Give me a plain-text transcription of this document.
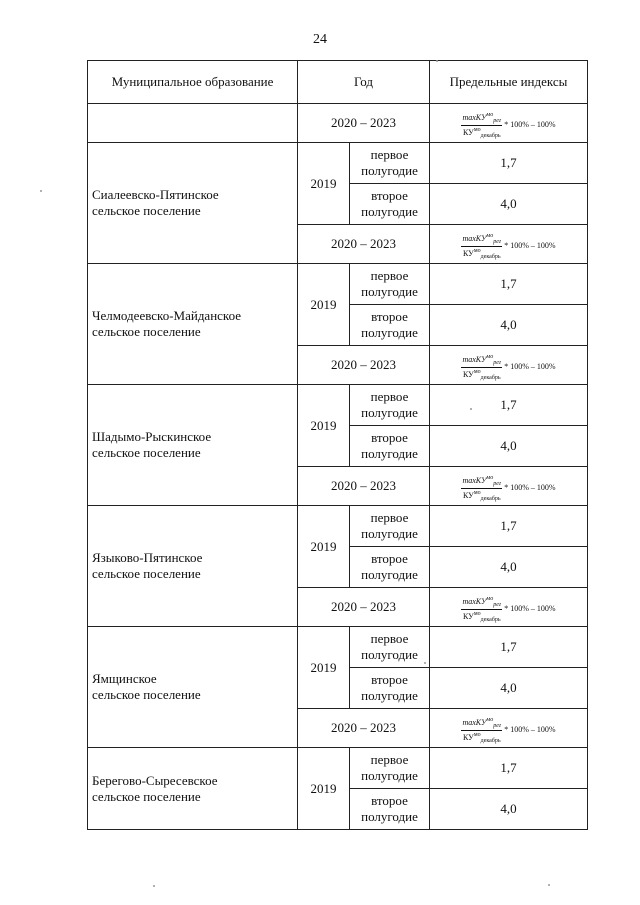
24
Муниципальное образование	Год		Предельные индексы
	2020 – 2023		$\frac{\max КУ^{мо}_{рег}}{КУ^{мо}_{декабрь}} * 100\% - 100\%$

Сиалеевско-Пятинское
сельское поселение	2019	первое полугодие	1,7
		второе полугодие	4,0
	2020 – 2023		$\frac{\max КУ^{мо}_{рег}}{КУ^{мо}_{декабрь}} * 100\% - 100\%$

Челмодеевско-Майданское
сельское поселение	2019	первое полугодие	1,7
		второе полугодие	4,0
	2020 – 2023		$\frac{\max КУ^{мо}_{рег}}{КУ^{мо}_{декабрь}} * 100\% - 100\%$

Шадымо-Рыскинское
сельское поселение	2019	первое полугодие	1,7
		второе полугодие	4,0
	2020 – 2023		$\frac{\max КУ^{мо}_{рег}}{КУ^{мо}_{декабрь}} * 100\% - 100\%$

Языково-Пятинское
сельское поселение	2019	первое полугодие	1,7
		второе полугодие	4,0
	2020 – 2023		$\frac{\max КУ^{мо}_{рег}}{КУ^{мо}_{декабрь}} * 100\% - 100\%$

Ямщинское
сельское поселение	2019	первое полугодие	1,7
		второе полугодие	4,0
	2020 – 2023		$\frac{\max КУ^{мо}_{рег}}{КУ^{мо}_{декабрь}} * 100\% - 100\%$

Берегово-Сыресевское
сельское поселение	2019	первое полугодие	1,7
		второе полугодие	4,0
